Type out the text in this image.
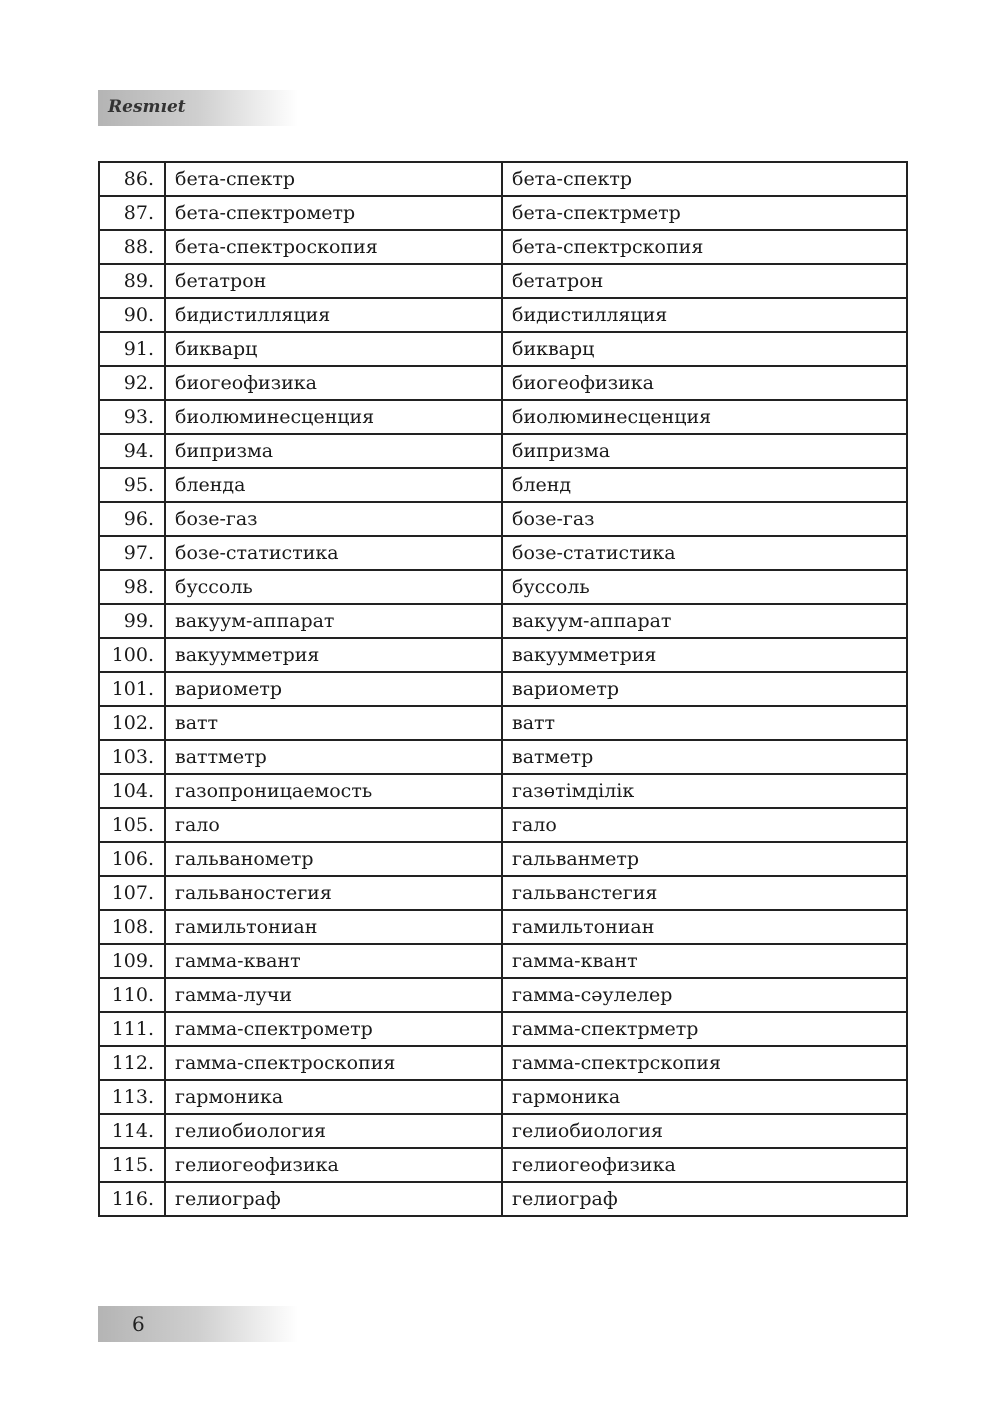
Resmıet
86.	бета-спектр	бета-спектр
87.	бета-спектрометр	бета-спектрметр
88.	бета-спектроскопия	бета-спектрскопия
89.	бетатрон	бетатрон
90.	бидистилляция	бидистилляция
91.	бикварц	бикварц
92.	биогеофизика	биогеофизика
93.	биолюминесценция	биолюминесценция
94.	бипризма	бипризма
95.	бленда	бленд
96.	бозе-газ	бозе-газ
97.	бозе-статистика	бозе-статистика
98.	буссоль	буссоль
99.	вакуум-аппарат	вакуум-аппарат
100.	вакуумметрия	вакуумметрия
101.	вариометр	вариометр
102.	ватт	ватт
103.	ваттметр	ватметр
104.	газопроницаемость	газөтімділік
105.	гало	гало
106.	гальванометр	гальванметр
107.	гальваностегия	гальванстегия
108.	гамильтониан	гамильтониан
109.	гамма-квант	гамма-квант
110.	гамма-лучи	гамма-сәулелер
111.	гамма-спектрометр	гамма-спектрметр
112.	гамма-спектроскопия	гамма-спектрскопия
113.	гармоника	гармоника
114.	гелиобиология	гелиобиология
115.	гелиогеофизика	гелиогеофизика
116.	гелиограф	гелиограф
6
